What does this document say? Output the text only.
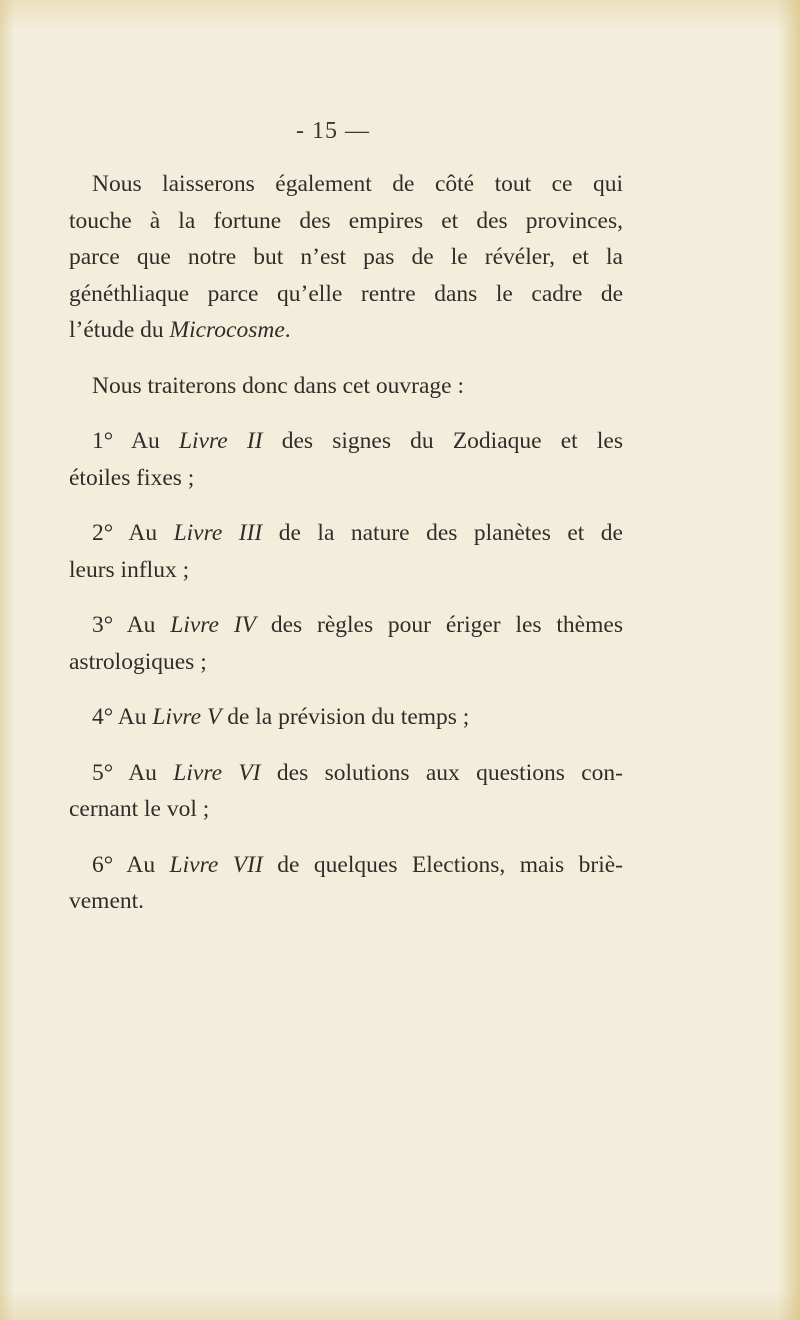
- 15 —

Nous laisserons également de côté tout ce qui
touche à la fortune des empires et des provinces,
parce que notre but n’est pas de le révéler, et la
généthliaque parce qu’elle rentre dans le cadre de
l’étude du Microcosme.

Nous traiterons donc dans cet ouvrage :

1° Au Livre II des signes du Zodiaque et les
étoiles fixes ;

2° Au Livre III de la nature des planètes et de
leurs influx ;

3° Au Livre IV des règles pour ériger les thèmes
astrologiques ;

4° Au Livre V de la prévision du temps ;

5° Au Livre VI des solutions aux questions con-
cernant le vol ;

6° Au Livre VII de quelques Elections, mais briè-
vement.
